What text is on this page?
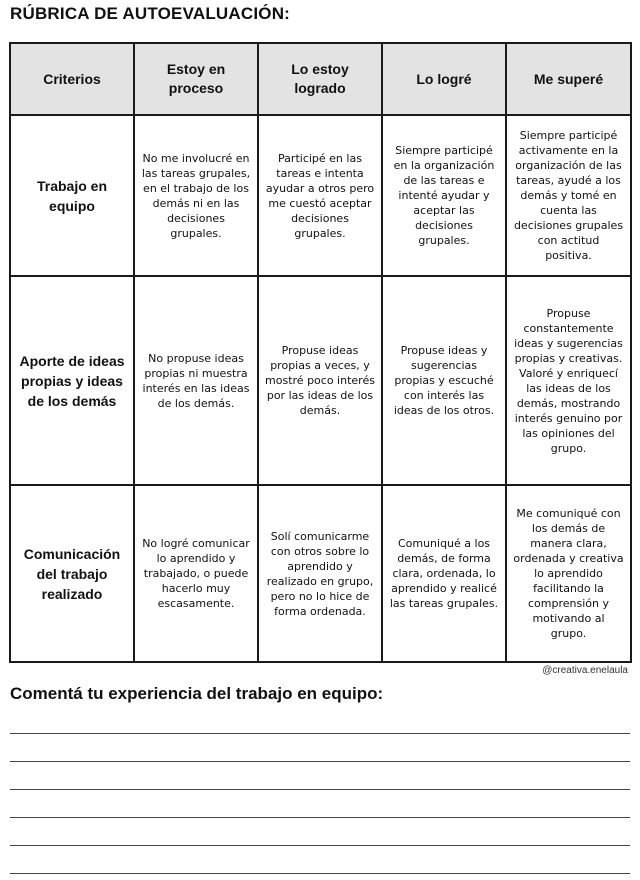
RÚBRICA DE AUTOEVALUACIÓN:
Criterios	Estoy en proceso	Lo estoy logrado	Lo logré	Me superé
Trabajo en equipo	No me involucré en las tareas grupales, en el trabajo de los demás ni en las decisiones grupales.	Participé en las tareas e intenta ayudar a otros pero me cuestó aceptar decisiones grupales.	Siempre participé en la organización de las tareas e intenté ayudar y aceptar las decisiones grupales.	Siempre participé activamente en la organización de las tareas, ayudé a los demás y tomé en cuenta las decisiones grupales con actitud positiva.
Aporte de ideas propias y ideas de los demás	No propuse ideas propias ni muestra interés en las ideas de los demás.	Propuse ideas propias a veces, y mostré poco interés por las ideas de los demás.	Propuse ideas y sugerencias propias y escuché con interés las ideas de los otros.	Propuse constantemente ideas y sugerencias propias y creativas. Valoré y enriquecí las ideas de los demás, mostrando interés genuino por las opiniones del grupo.
Comunicación del trabajo realizado	No logré comunicar lo aprendido y trabajado, o puede hacerlo muy escasamente.	Solí comunicarme con otros sobre lo aprendido y realizado en grupo, pero no lo hice de forma ordenada.	Comuniqué a los demás, de forma clara, ordenada, lo aprendido y realicé las tareas grupales.	Me comuniqué con los demás de manera clara, ordenada y creativa lo aprendido facilitando la comprensión y motivando al grupo.
@creativa.enelaula
Comentá tu experiencia del trabajo en equipo:
